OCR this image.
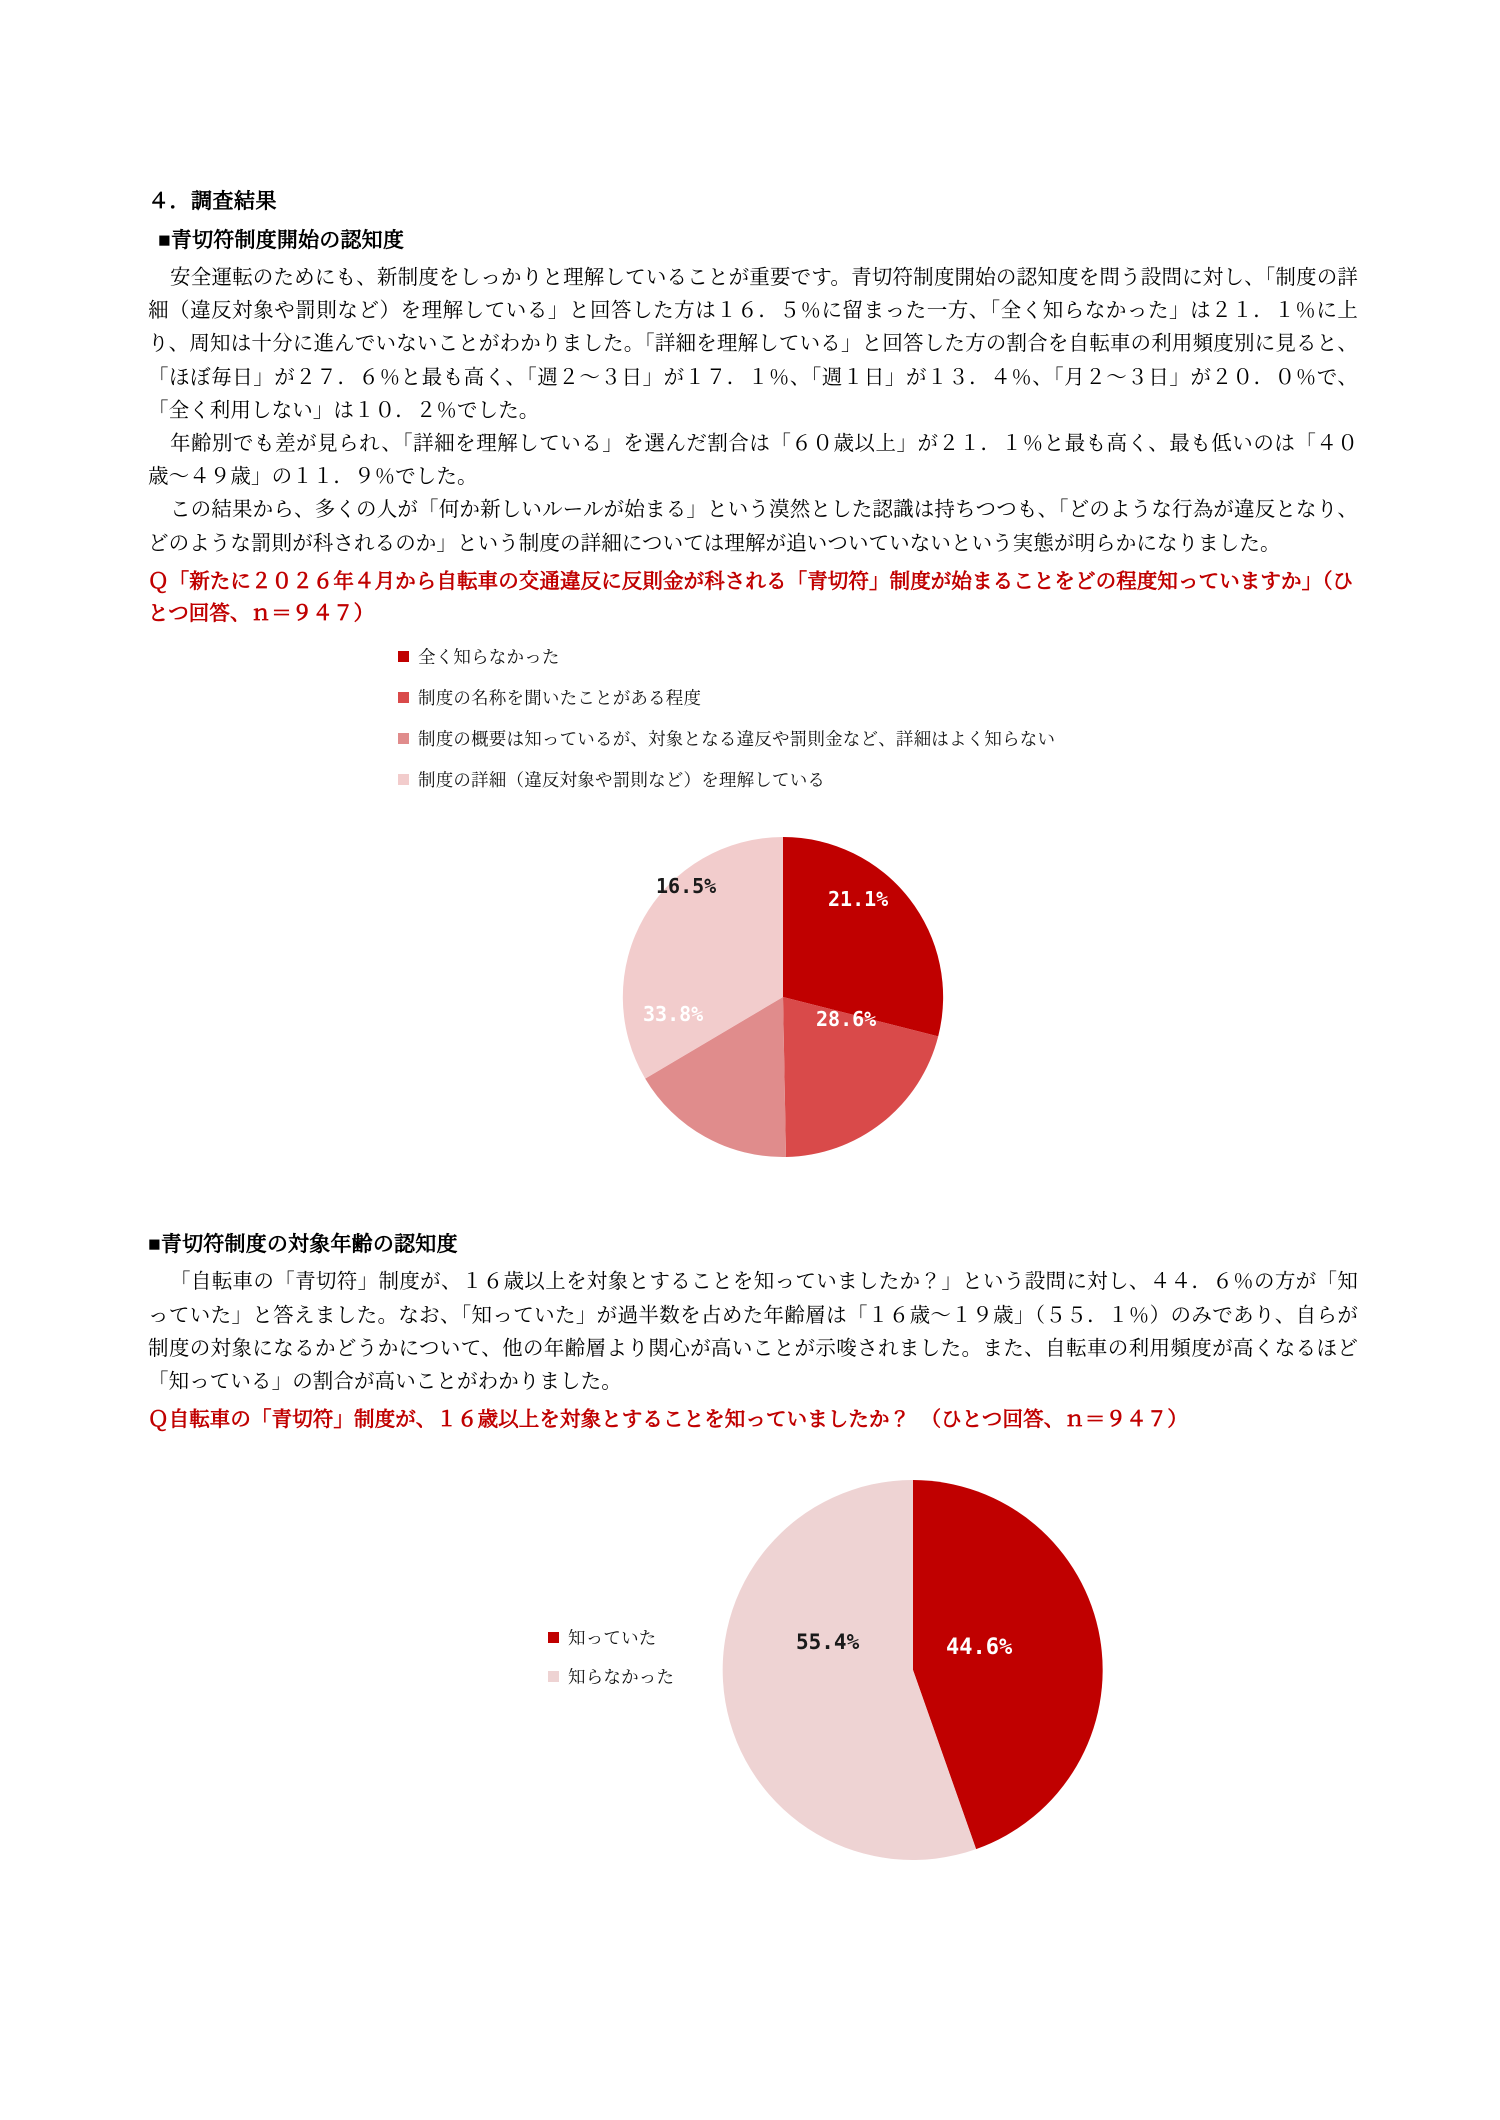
４．調査結果
■青切符制度開始の認知度

安全運転のためにも、新制度をしっかりと理解していることが重要です。青切符制度開始の認知度を問う設問に対し、「制度の詳細（違反対象や罰則など）を理解している」と回答した方は１６．５％に留まった一方、「全く知らなかった」は２１．１％に上り、周知は十分に進んでいないことがわかりました。「詳細を理解している」と回答した方の割合を自転車の利用頻度別に見ると、「ほぼ毎日」が２７．６％と最も高く、「週２〜３日」が１７．１％、「週１日」が１３．４％、「月２〜３日」が２０．０％で、「全く利用しない」は１０．２％でした。

年齢別でも差が見られ、「詳細を理解している」を選んだ割合は「６０歳以上」が２１．１％と最も高く、最も低いのは「４０歳〜４９歳」の１１．９％でした。

この結果から、多くの人が「何か新しいルールが始まる」という漠然とした認識は持ちつつも、「どのような行為が違反となり、どのような罰則が科されるのか」という制度の詳細については理解が追いついていないという実態が明らかになりました。

Ｑ「新たに２０２６年４月から自転車の交通違反に反則金が科される「青切符」制度が始まることをどの程度知っていますか」（ひとつ回答、ｎ＝９４７）

全く知らなかった
制度の名称を聞いたことがある程度
制度の概要は知っているが、対象となる違反や罰則金など、詳細はよく知らない
制度の詳細（違反対象や罰則など）を理解している
21.1%
28.6%
33.8%
16.5%
■青切符制度の対象年齢の認知度

「自転車の「青切符」制度が、１６歳以上を対象とすることを知っていましたか？」という設問に対し、４４．６％の方が「知っていた」と答えました。なお、「知っていた」が過半数を占めた年齢層は「１６歳〜１９歳」（５５．１％）のみであり、自らが制度の対象になるかどうかについて、他の年齢層より関心が高いことが示唆されました。また、自転車の利用頻度が高くなるほど「知っている」の割合が高いことがわかりました。

Ｑ自転車の「青切符」制度が、１６歳以上を対象とすることを知っていましたか？　（ひとつ回答、ｎ＝９４７）

知っていた
知らなかった
44.6%
55.4%
